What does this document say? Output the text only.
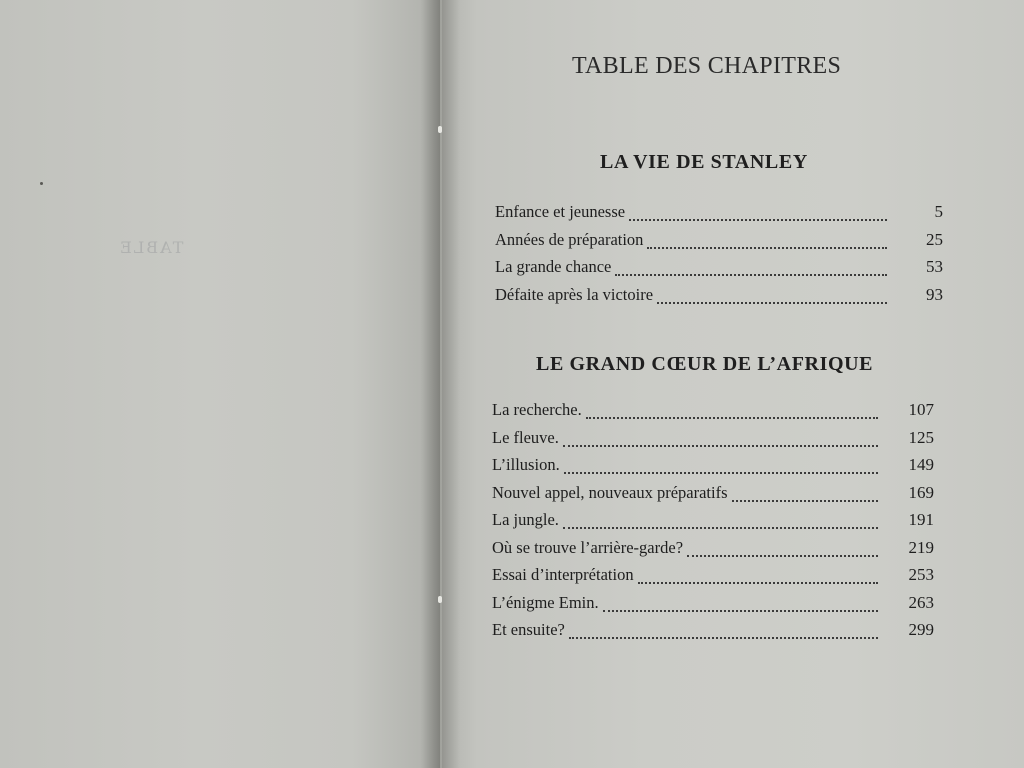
TABLE
TABLE DES CHAPITRES
LA VIE DE STANLEY
Enfance et jeunesse	5
Années de préparation	25
La grande chance	53
Défaite après la victoire	93
LE GRAND CŒUR DE L’AFRIQUE
La recherche.	107
Le fleuve.	125
L’illusion.	149
Nouvel appel, nouveaux préparatifs	169
La jungle.	191
Où se trouve l’arrière-garde?	219
Essai d’interprétation	253
L’énigme Emin.	263
Et ensuite?	299
